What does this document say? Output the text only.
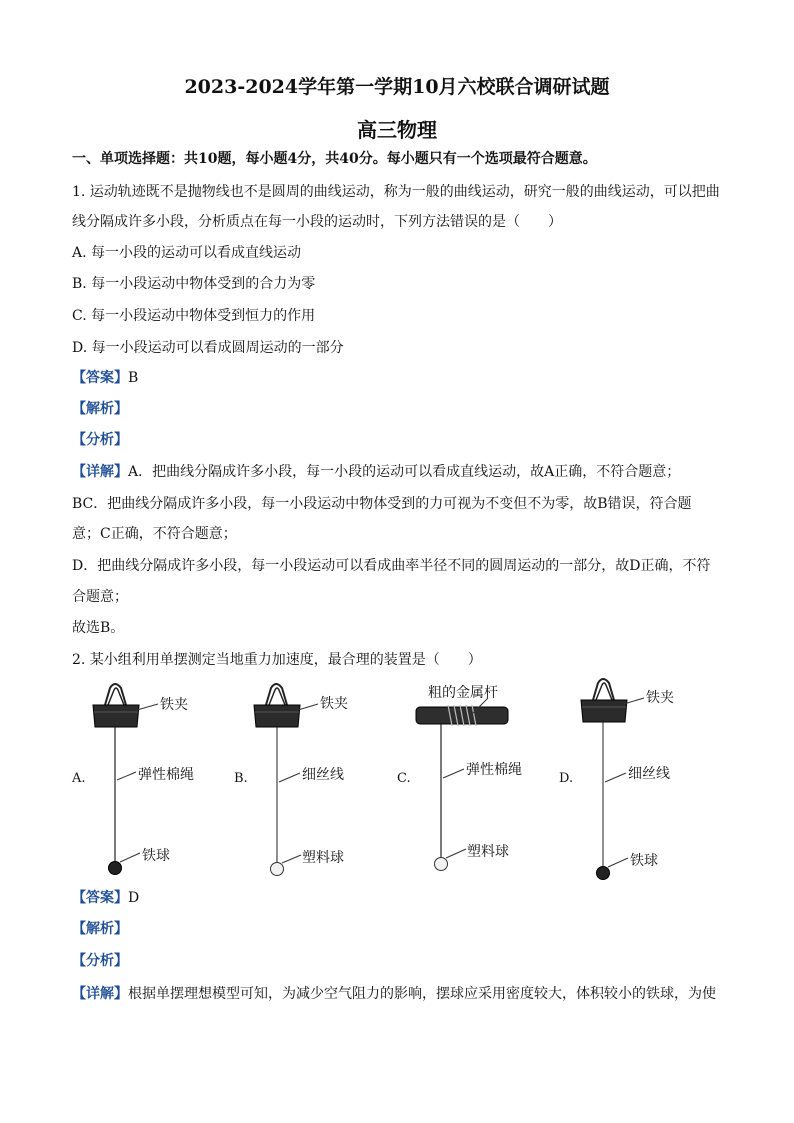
2023-2024学年第一学期10月六校联合调研试题
高三物理
一、单项选择题：共10题，每小题4分，共40分。每小题只有一个选项最符合题意。
1. 运动轨迹既不是抛物线也不是圆周的曲线运动，称为一般的曲线运动，研究一般的曲线运动，可以把曲
线分隔成许多小段，分析质点在每一小段的运动时，下列方法错误的是（　　）
A. 每一小段的运动可以看成直线运动
B. 每一小段运动中物体受到的合力为零
C. 每一小段运动中物体受到恒力的作用
D. 每一小段运动可以看成圆周运动的一部分
【答案】B
【解析】
【分析】
【详解】A．把曲线分隔成许多小段，每一小段的运动可以看成直线运动，故A正确，不符合题意；
BC．把曲线分隔成许多小段，每一小段运动中物体受到的力可视为不变但不为零，故B错误，符合题
意；C正确，不符合题意；
D．把曲线分隔成许多小段，每一小段运动可以看成曲率半径不同的圆周运动的一部分，故D正确，不符
合题意；
故选B。
2. 某小组利用单摆测定当地重力加速度，最合理的装置是（　　）
A.	B.	C.	D.
铁夹
弹性棉绳
铁球
铁夹
细丝线
塑料球
粗的金属杆
弹性棉绳
塑料球
铁夹
细丝线
铁球
【答案】D
【解析】
【分析】
【详解】根据单摆理想模型可知，为减少空气阻力的影响，摆球应采用密度较大，体积较小的铁球，为使
